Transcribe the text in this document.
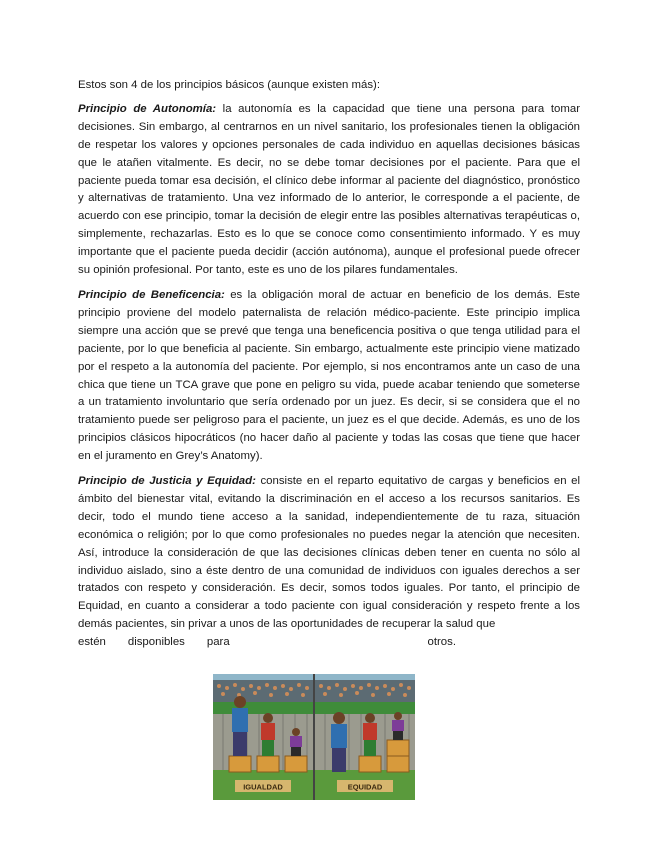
Estos son 4 de los principios básicos (aunque existen más):

Principio de Autonomía: la autonomía es la capacidad que tiene una persona para tomar decisiones. Sin embargo, al centrarnos en un nivel sanitario, los profesionales tienen la obligación de respetar los valores y opciones personales de cada individuo en aquellas decisiones básicas que le atañen vitalmente. Es decir, no se debe tomar decisiones por el paciente. Para que el paciente pueda tomar esa decisión, el clínico debe informar al paciente del diagnóstico, pronóstico y alternativas de tratamiento. Una vez informado de lo anterior, le corresponde a el paciente, de acuerdo con ese principio, tomar la decisión de elegir entre las posibles alternativas terapéuticas o, simplemente, rechazarlas. Esto es lo que se conoce como consentimiento informado. Y es muy importante que el paciente pueda decidir (acción autónoma), aunque el profesional puede ofrecer su opinión profesional. Por tanto, este es uno de los pilares fundamentales.

Principio de Beneficencia: es la obligación moral de actuar en beneficio de los demás. Este principio proviene del modelo paternalista de relación médico-paciente. Este principio implica siempre una acción que se prevé que tenga una beneficencia positiva o que tenga utilidad para el paciente, por lo que beneficia al paciente. Sin embargo, actualmente este principio viene matizado por el respeto a la autonomía del paciente. Por ejemplo, si nos encontramos ante un caso de una chica que tiene un TCA grave que pone en peligro su vida, puede acabar teniendo que someterse a un tratamiento involuntario que sería ordenado por un juez. Es decir, si se considera que el no tratamiento puede ser peligroso para el paciente, un juez es el que decide. Además, es uno de los principios clásicos hipocráticos (no hacer daño al paciente y todas las cosas que tiene que hacer en el juramento en Grey’s Anatomy).

Principio de Justicia y Equidad: consiste en el reparto equitativo de cargas y beneficios en el ámbito del bienestar vital, evitando la discriminación en el acceso a los recursos sanitarios. Es decir, todo el mundo tiene acceso a la sanidad, independientemente de tu raza, situación económica o religión; por lo que como profesionales no puedes negar la atención que necesiten. Así, introduce la consideración de que las decisiones clínicas deben tener en cuenta no sólo al individuo aislado, sino a éste dentro de una comunidad de individuos con iguales derechos a ser tratados con respeto y consideración. Es decir, somos todos iguales. Por tanto, el principio de Equidad, en cuanto a considerar a todo paciente con igual consideración y respeto frente a los demás pacientes, sin privar a unos de las oportunidades de recuperar la salud que

estén disponibles para	otros.
IGUALDAD	EQUIDAD
